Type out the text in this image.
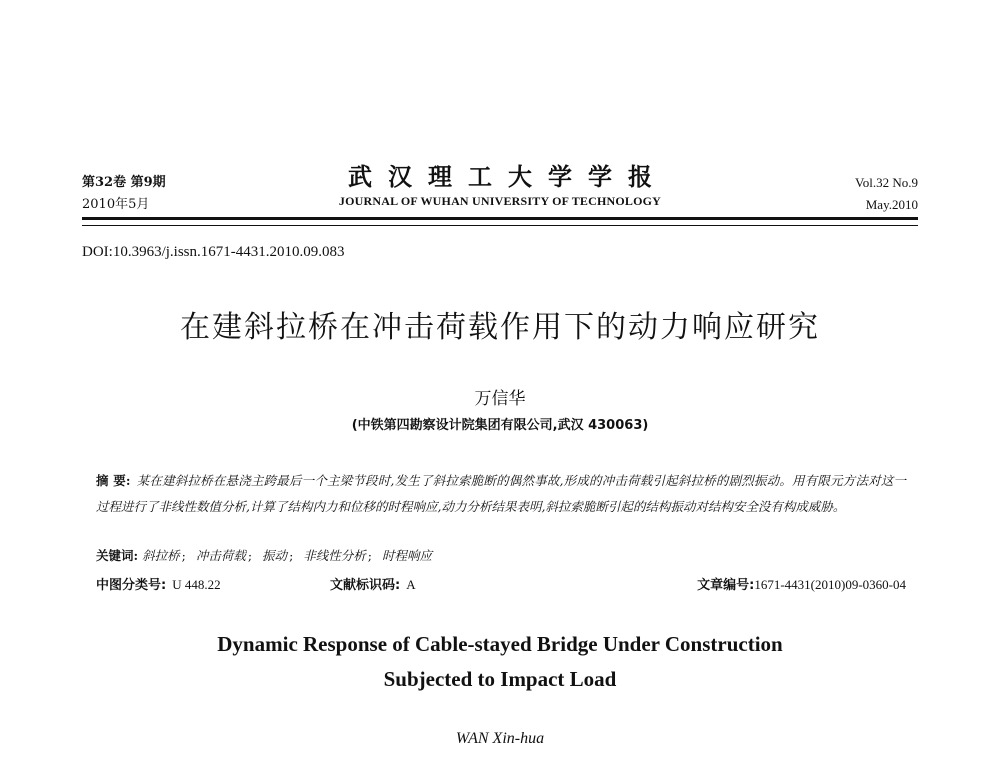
第32卷 第9期
2010年5月
武汉理工大学学报
JOURNAL OF WUHAN UNIVERSITY OF TECHNOLOGY
Vol.32 No.9
May.2010
DOI:10.3963/j.issn.1671-4431.2010.09.083
在建斜拉桥在冲击荷载作用下的动力响应研究
万信华
(中铁第四勘察设计院集团有限公司,武汉 430063)
摘 要: 某在建斜拉桥在悬浇主跨最后一个主梁节段时,发生了斜拉索脆断的偶然事故,形成的冲击荷载引起斜拉桥的剧烈振动。用有限元方法对这一过程进行了非线性数值分析,计算了结构内力和位移的时程响应,动力分析结果表明,斜拉索脆断引起的结构振动对结构安全没有构成威胁。
关键词: 斜拉桥 ; 冲击荷载 ; 振动 ; 非线性分析 ; 时程响应
中图分类号: U 448.22	文献标识码: A	文章编号:1671-4431(2010)09-0360-04
Dynamic Response of Cable-stayed Bridge Under Construction
Subjected to Impact Load
WAN Xin-hua
